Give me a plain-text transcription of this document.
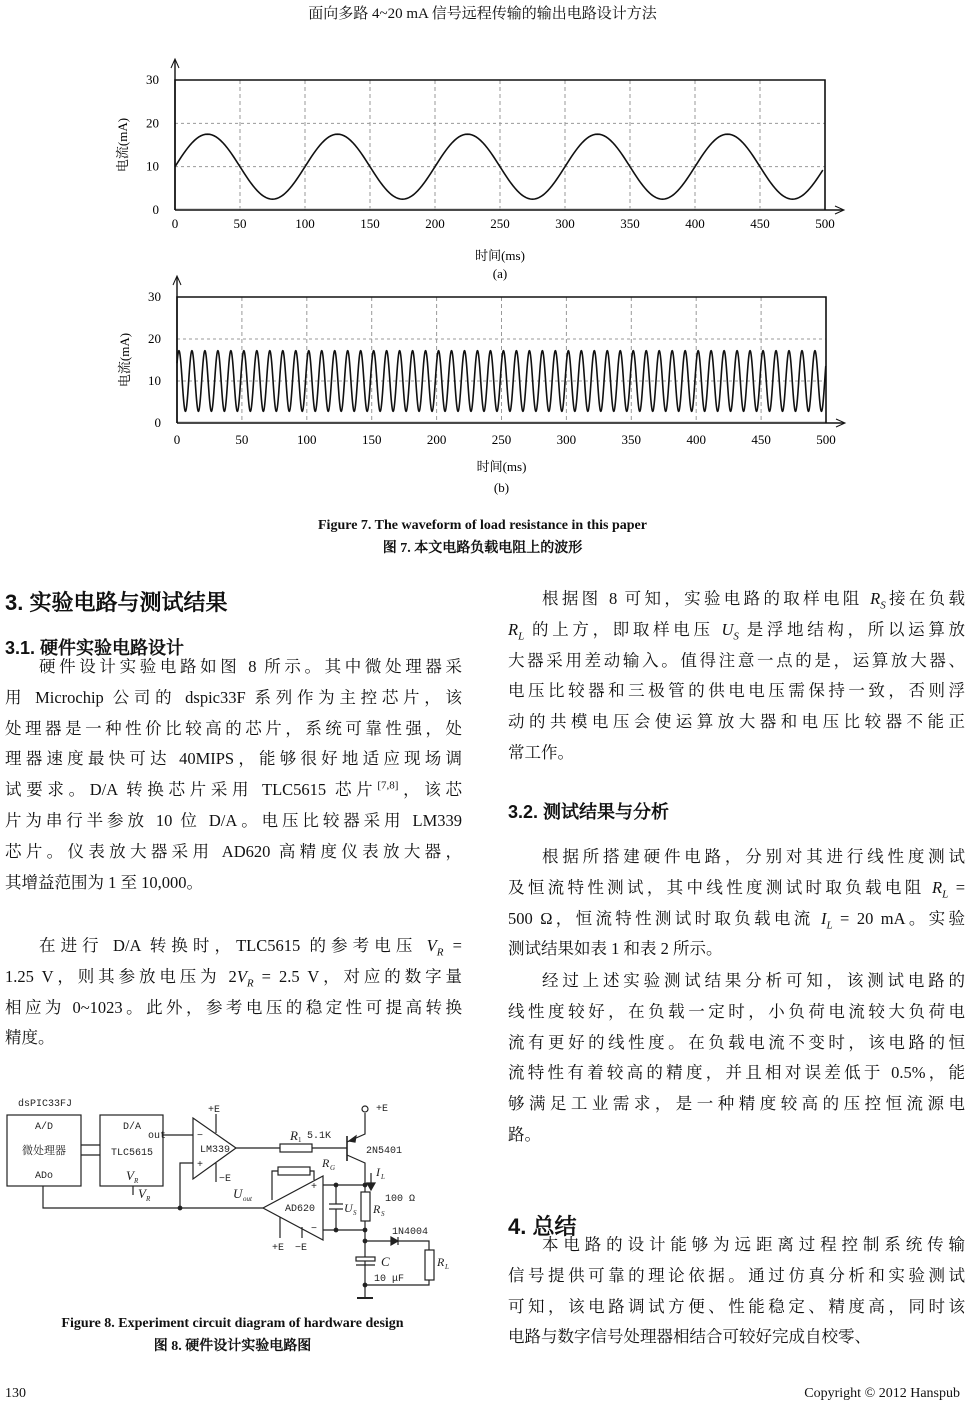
面向多路 4~20 mA 信号远程传输的输出电路设计方法
0	50	100	150	200	250	300	350	400	450	500
0
10
20
30
时间(ms)
(a)
电流(mA)
0	50	100	150	200	250	300	350	400	450	500
0
10
20
30
时间(ms)
(b)
电流(mA)
Figure 7. The waveform of load resistance in this paper
图 7. 本文电路负载电阻上的波形
3. 实验电路与测试结果
3.1. 硬件实验电路设计
硬件设计实验电路如图 8 所示。其中微处理器采
用 Microchip 公司的 dspic33F 系列作为主控芯片，该
处理器是一种性价比较高的芯片，系统可靠性强，处
理器速度最快可达 40MIPS，能够很好地适应现场调
试要求。D/A 转换芯片采用 TLC5615 芯片[7,8]，该芯
片为串行半参放 10 位 D/A。电压比较器采用 LM339
芯片。仪表放大器采用 AD620 高精度仪表放大器，
其增益范围为 1 至 10,000。
在进行 D/A 转换时，TLC5615 的参考电压 $V_R$ =
1.25 V，则其参放电压为 $2V_R = 2.5$ V，对应的数字量
相应为 0~1023。此外，参考电压的稳定性可提高转换
精度。
dsPIC33FJ
A/D
微处理器
ADo
D/A
out
TLC5615
V R
V R
LM339
−
+
+E
−E
R 1 5.1K
+E
2N5401
R G	I L
U out
AD620
+
−
+E −E
U S
100 Ω
R S
1N4004
C
10 μF
R L
Figure 8. Experiment circuit diagram of hardware design
图 8. 硬件设计实验电路图
根据图 8 可知，实验电路的取样电阻 $R_S$接在负载
$R_L$ 的上方，即取样电压 $U_S$ 是浮地结构，所以运算放
大器采用差动输入。值得注意一点的是，运算放大器、
电压比较器和三极管的供电电压需保持一致，否则浮
动的共模电压会使运算放大器和电压比较器不能正
常工作。
3.2. 测试结果与分析
根据所搭建硬件电路，分别对其进行线性度测试
及恒流特性测试，其中线性度测试时取负载电阻 $R_L$ =
500 Ω，恒流特性测试时取负载电流 $I_L = 20$ mA。实验
测试结果如表 1 和表 2 所示。
经过上述实验测试结果分析可知，该测试电路的
线性度较好，在负载一定时，小负荷电流较大负荷电
流有更好的线性度。在负载电流不变时，该电路的恒
流特性有着较高的精度，并且相对误差低于 0.5%，能
够满足工业需求，是一种精度较高的压控恒流源电
路。
4. 总结
本电路的设计能够为远距离过程控制系统传输
信号提供可靠的理论依据。通过仿真分析和实验测试
可知，该电路调试方便、性能稳定、精度高，同时该
电路与数字信号处理器相结合可较好完成自校零、
130	Copyright © 2012 Hanspub
